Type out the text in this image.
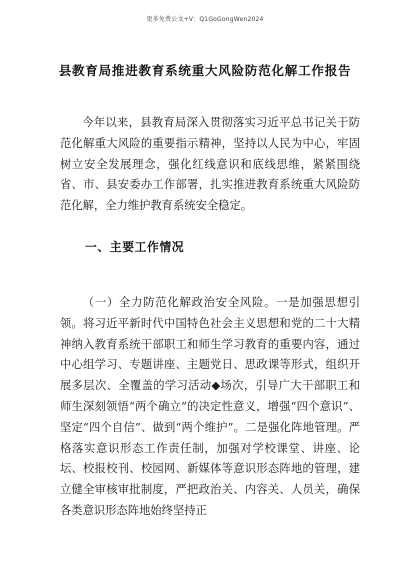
更多免费公文+V：Q1GoGongWen2024
县教育局推进教育系统重大风险防范化解工作报告
今年以来，县教育局深入贯彻落实习近平总书记关于防范化解重大风险的重要指示精神，坚持以人民为中心，牢固树立安全发展理念，强化红线意识和底线思维，紧紧围绕省、市、县安委办工作部署，扎实推进教育系统重大风险防范化解，全力维护教育系统安全稳定。
一、主要工作情况
（一）全力防范化解政治安全风险。一是加强思想引领。将习近平新时代中国特色社会主义思想和党的二十大精神纳入教育系统干部职工和师生学习教育的重要内容，通过中心组学习、专题讲座、主题党日、思政课等形式，组织开展多层次、全覆盖的学习活动◆场次，引导广大干部职工和师生深刻领悟“两个确立”的决定性意义，增强“四个意识”、坚定“四个自信”、做到“两个维护”。二是强化阵地管理。严格落实意识形态工作责任制，加强对学校课堂、讲座、论坛、校报校刊、校园网、新媒体等意识形态阵地的管理，建立健全审核审批制度，严把政治关、内容关、人员关，确保各类意识形态阵地始终坚持正
